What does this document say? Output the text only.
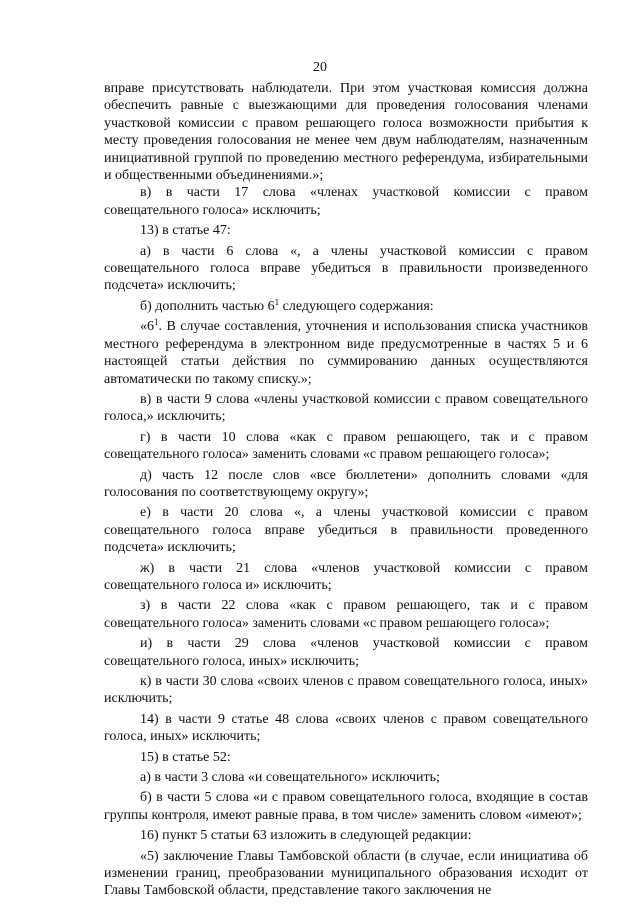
20

вправе присутствовать наблюдатели. При этом участковая комиссия должна обеспечить равные с выезжающими для проведения голосования членами участковой комиссии с правом решающего голоса возможности прибытия к месту проведения голосования не менее чем двум наблюдателям, назначенным инициативной группой по проведению местного референдума, избирательными и общественными объединениями.»;

в) в части 17 слова «членах участковой комиссии с правом совещательного голоса» исключить;

13) в статье 47:

а) в части 6 слова «, а члены участковой комиссии с правом совещательного голоса вправе убедиться в правильности произведенного подсчета» исключить;

б) дополнить частью $6^1$ следующего содержания:

«$6^1$. В случае составления, уточнения и использования списка участников местного референдума в электронном виде предусмотренные в частях 5 и 6 настоящей статьи действия по суммированию данных осуществляются автоматически по такому списку.»;

в) в части 9 слова «члены участковой комиссии с правом совещательного голоса,» исключить;

г) в части 10 слова «как с правом решающего, так и с правом совещательного голоса» заменить словами «с правом решающего голоса»;

д) часть 12 после слов «все бюллетени» дополнить словами «для голосования по соответствующему округу»;

е) в части 20 слова «, а члены участковой комиссии с правом совещательного голоса вправе убедиться в правильности проведенного подсчета» исключить;

ж) в части 21 слова «членов участковой комиссии с правом совещательного голоса и» исключить;

з) в части 22 слова «как с правом решающего, так и с правом совещательного голоса» заменить словами «с правом решающего голоса»;

и) в части 29 слова «членов участковой комиссии с правом совещательного голоса, иных» исключить;

к) в части 30 слова «своих членов с правом совещательного голоса, иных» исключить;

14) в части 9 статье 48 слова «своих членов с правом совещательного голоса, иных» исключить;

15) в статье 52:

а) в части 3 слова «и совещательного» исключить;

б) в части 5 слова «и с правом совещательного голоса, входящие в состав группы контроля, имеют равные права, в том числе» заменить словом «имеют»;

16) пункт 5 статьи 63 изложить в следующей редакции:

«5) заключение Главы Тамбовской области (в случае, если инициатива об изменении границ, преобразовании муниципального образования исходит от Главы Тамбовской области, представление такого заключения не
